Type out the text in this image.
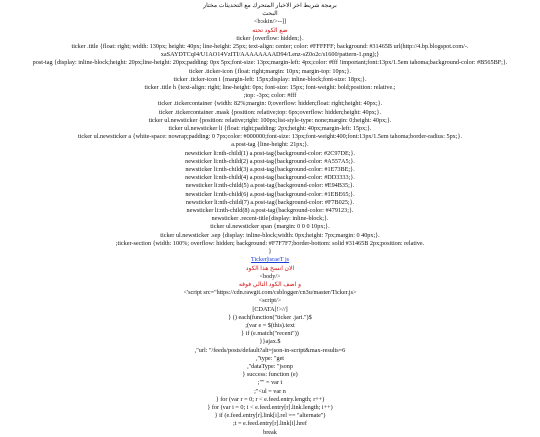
برمجة شريط اخر الاخبار المتحرك مع التحديثات مختار
البحث
<b:skin/>--]]
ضع الكود تحته
ticker {overflow: hidden;}.
ticker .title {float: right; width: 130px; height: 40px; line-height: 25px; text-align: center; color: #FFFFFF; background: #31465B url(http://4.bp.blogspot.com/-.
xaSAYDTCqI4/U1AO14VzITI/AAAAAAAAD94/Lenz-sZ0o2c/s1600/pattern-1.png);}
post-tag {display: inline-block;height: 20px;line-height: 20px;padding: 0px 5px;font-size: 13px;margin-left: 4px;color: #fff !important;font:13px/1.5em tahoma;background-color: #B565BF;}.
ticker .ticker-icon {float: right;margin: 10px; margin-top: 10px;}.
ticker .ticker-icon i {margin-left: 15px;display: inline-block;font-size: 18px;}.
ticker .title h {text-align: right; line-height: 0px; font-size: 15px; font-weight: bold;position: relative.;
;top: -3px; color: #fff
ticker .tickercontainer {width: 82%;margin: 0;overflow: hidden;float: right;height: 40px;}.
ticker .tickercontainer .mask {position: relative;top: 6px;overflow: hidden;height: 40px;}.
ticker ul.newsticker {position: relative;right: 100px;list-style-type: none;margin: 0;height: 40px;}.
ticker ul.newsticker li {float: right;padding: 2px;height: 40px;margin-left: 15px;}.
ticker ul.newsticker a {white-space: nowrap;padding: 0 7px;color: #000000;font-size: 13px;font-weight:400;font:13px/1.5em tahoma;border-radius: 5px;}.
a.post-tag {line-height: 21px;}.
newsticker li:nth-child(1) a.post-tag{background-color: #2C97DE;}.
newsticker li:nth-child(2) a.post-tag{background-color: #A557A5;}.
newsticker li:nth-child(3) a.post-tag{background-color: #1E73BE;}.
newsticker li:nth-child(4) a.post-tag{background-color: #DD3333;}.
newsticker li:nth-child(5) a.post-tag{background-color: #E94B35;}.
newsticker li:nth-child(6) a.post-tag{background-color: #1EBE65;}.
newsticker li:nth-child(7) a.post-tag{background-color: #F7B025;}.
newsticker li:nth-child(8) a.post-tag{background-color: #479123;}.
newsticker .recent-title{display: inline-block;}.
ticker ul.newsticker span {margin: 0 0 0 10px;}.
ticker ul.newsticker .sep {display: inline-block;width: 0px;height: 7px;margin: 0 40px;}.
;ticker-section {width: 100%; overflow: hidden; background: #F7F7F7;border-bottom: solid #31465B 2px;position: relative.
}
Ticker|israeT js
الان انسخ هذا الكود
<body/>
و اضف الكود التالي فوقه
<'script src="https://cdn.rawgit.com/csblogger/cn3u/master/Ticker.js>
<script/>
[CDATA[!>//]
} () each(function("ticker .jari.")$
;(var e = $(this).text
} if (e.match("recent"))
}}ajax.$
,"url: "/feeds/posts/default?alt=json-in-script&max-results=6
,"type: "get
,"dataType: "jsonp
} success: function (e)
;"" = var t
;"<ul = var n
} for (var r = 0; r < e.feed.entry.length; r++)
} for (var i = 0; i < e.feed.entry[r].link.length; i++)
} if (e.feed.entry[r].link[i].rel == "alternate")
;t = e.feed.entry[r].link[i].href
break
